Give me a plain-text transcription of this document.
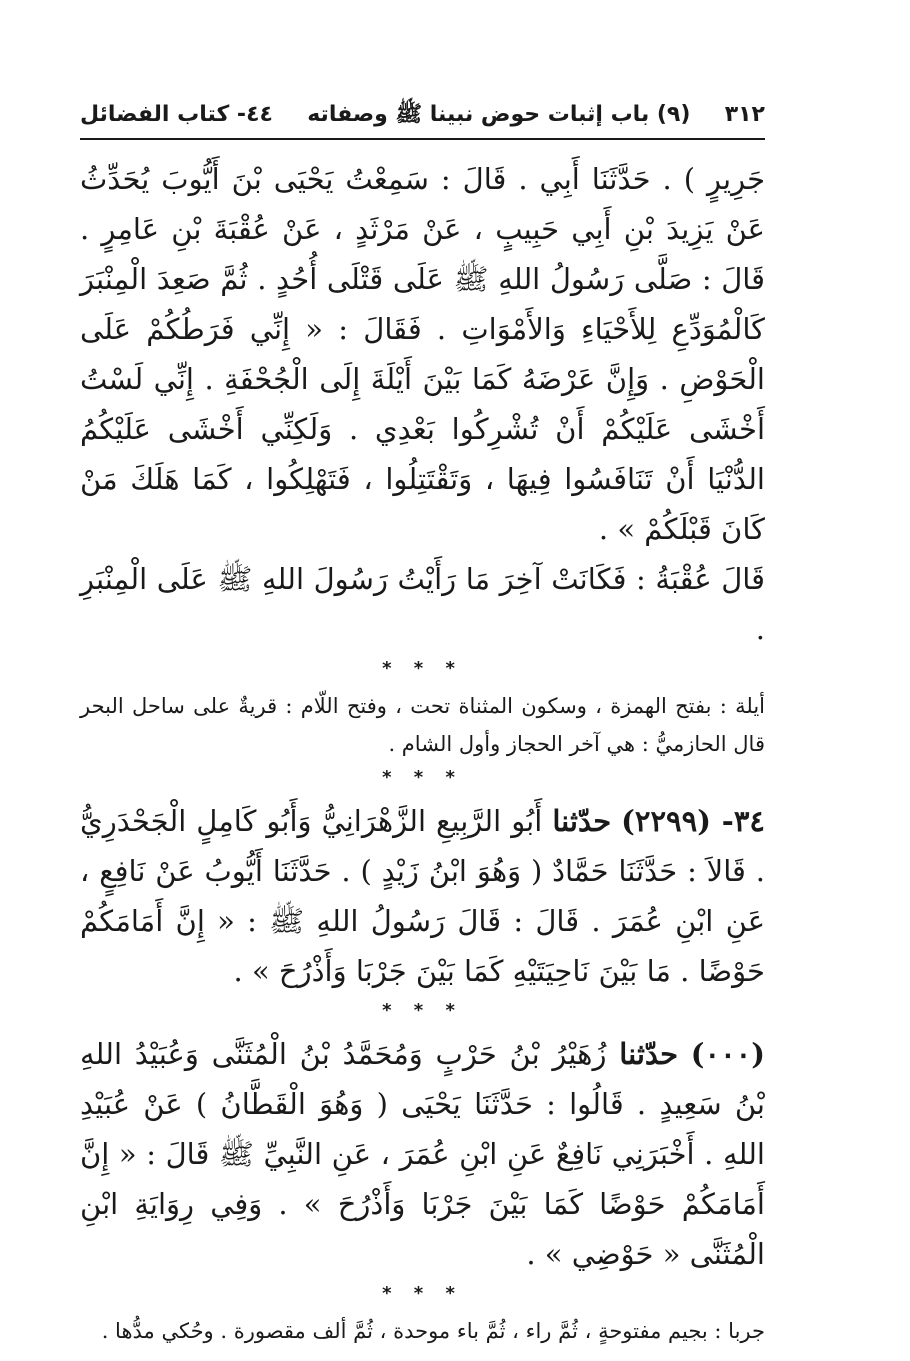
٣١٢
(٩) باب إثبات حوض نبينا ﷺ وصفاته
٤٤- كتاب الفضائل

جَرِيرٍ ) . حَدَّثَنَا أَبِي . قَالَ : سَمِعْتُ يَحْيَى بْنَ أَيُّوبَ يُحَدِّثُ عَنْ يَزِيدَ بْنِ أَبِي حَبِيبٍ ، عَنْ مَرْثَدٍ ، عَنْ عُقْبَةَ بْنِ عَامِرٍ . قَالَ : صَلَّى رَسُولُ اللهِ ﷺ عَلَى قَتْلَى أُحُدٍ . ثُمَّ صَعِدَ الْمِنْبَرَ كَالْمُوَدِّعِ لِلأَحْيَاءِ وَالأَمْوَاتِ . فَقَالَ : « إِنِّي فَرَطُكُمْ عَلَى الْحَوْضِ . وَإِنَّ عَرْضَهُ كَمَا بَيْنَ أَيْلَةَ إِلَى الْجُحْفَةِ . إِنِّي لَسْتُ أَخْشَى عَلَيْكُمْ أَنْ تُشْرِكُوا بَعْدِي . وَلَكِنِّي أَخْشَى عَلَيْكُمُ الدُّنْيَا أَنْ تَنَافَسُوا فِيهَا ، وَتَقْتَتِلُوا ، فَتَهْلِكُوا ، كَمَا هَلَكَ مَنْ كَانَ قَبْلَكُمْ » .

قَالَ عُقْبَةُ : فَكَانَتْ آخِرَ مَا رَأَيْتُ رَسُولَ اللهِ ﷺ عَلَى الْمِنْبَرِ .

* * *

أيلة : بفتح الهمزة ، وسكون المثناة تحت ، وفتح اللّام : قريةٌ على ساحل البحر قال الحازميُّ : هي آخر الحجاز وأول الشام .

* * *

٣٤- (٢٢٩٩) حدّثنا أَبُو الرَّبِيعِ الزَّهْرَانِيُّ وَأَبُو كَامِلٍ الْجَحْدَرِيُّ . قَالاَ : حَدَّثَنَا حَمَّادٌ ( وَهُوَ ابْنُ زَيْدٍ ) . حَدَّثَنَا أَيُّوبُ عَنْ نَافِعٍ ، عَنِ ابْنِ عُمَرَ . قَالَ : قَالَ رَسُولُ اللهِ ﷺ : « إِنَّ أَمَامَكُمْ حَوْضًا . مَا بَيْنَ نَاحِيَتَيْهِ كَمَا بَيْنَ جَرْبَا وَأَذْرُحَ » .

* * *

(٠٠٠) حدّثنا زُهَيْرُ بْنُ حَرْبٍ وَمُحَمَّدُ بْنُ الْمُثَنَّى وَعُبَيْدُ اللهِ بْنُ سَعِيدٍ . قَالُوا : حَدَّثَنَا يَحْيَى ( وَهُوَ الْقَطَّانُ ) عَنْ عُبَيْدِ اللهِ . أَخْبَرَنِي نَافِعٌ عَنِ ابْنِ عُمَرَ ، عَنِ النَّبِيِّ ﷺ قَالَ : « إِنَّ أَمَامَكُمْ حَوْضًا كَمَا بَيْنَ جَرْبَا وَأَذْرُحَ » . وَفِي رِوَايَةِ ابْنِ الْمُثَنَّى « حَوْضِي » .

* * *

جربا : بجيم مفتوحةٍ ، ثُمَّ راء ، ثُمَّ باء موحدة ، ثُمَّ ألف مقصورة . وحُكي مدُّها .
